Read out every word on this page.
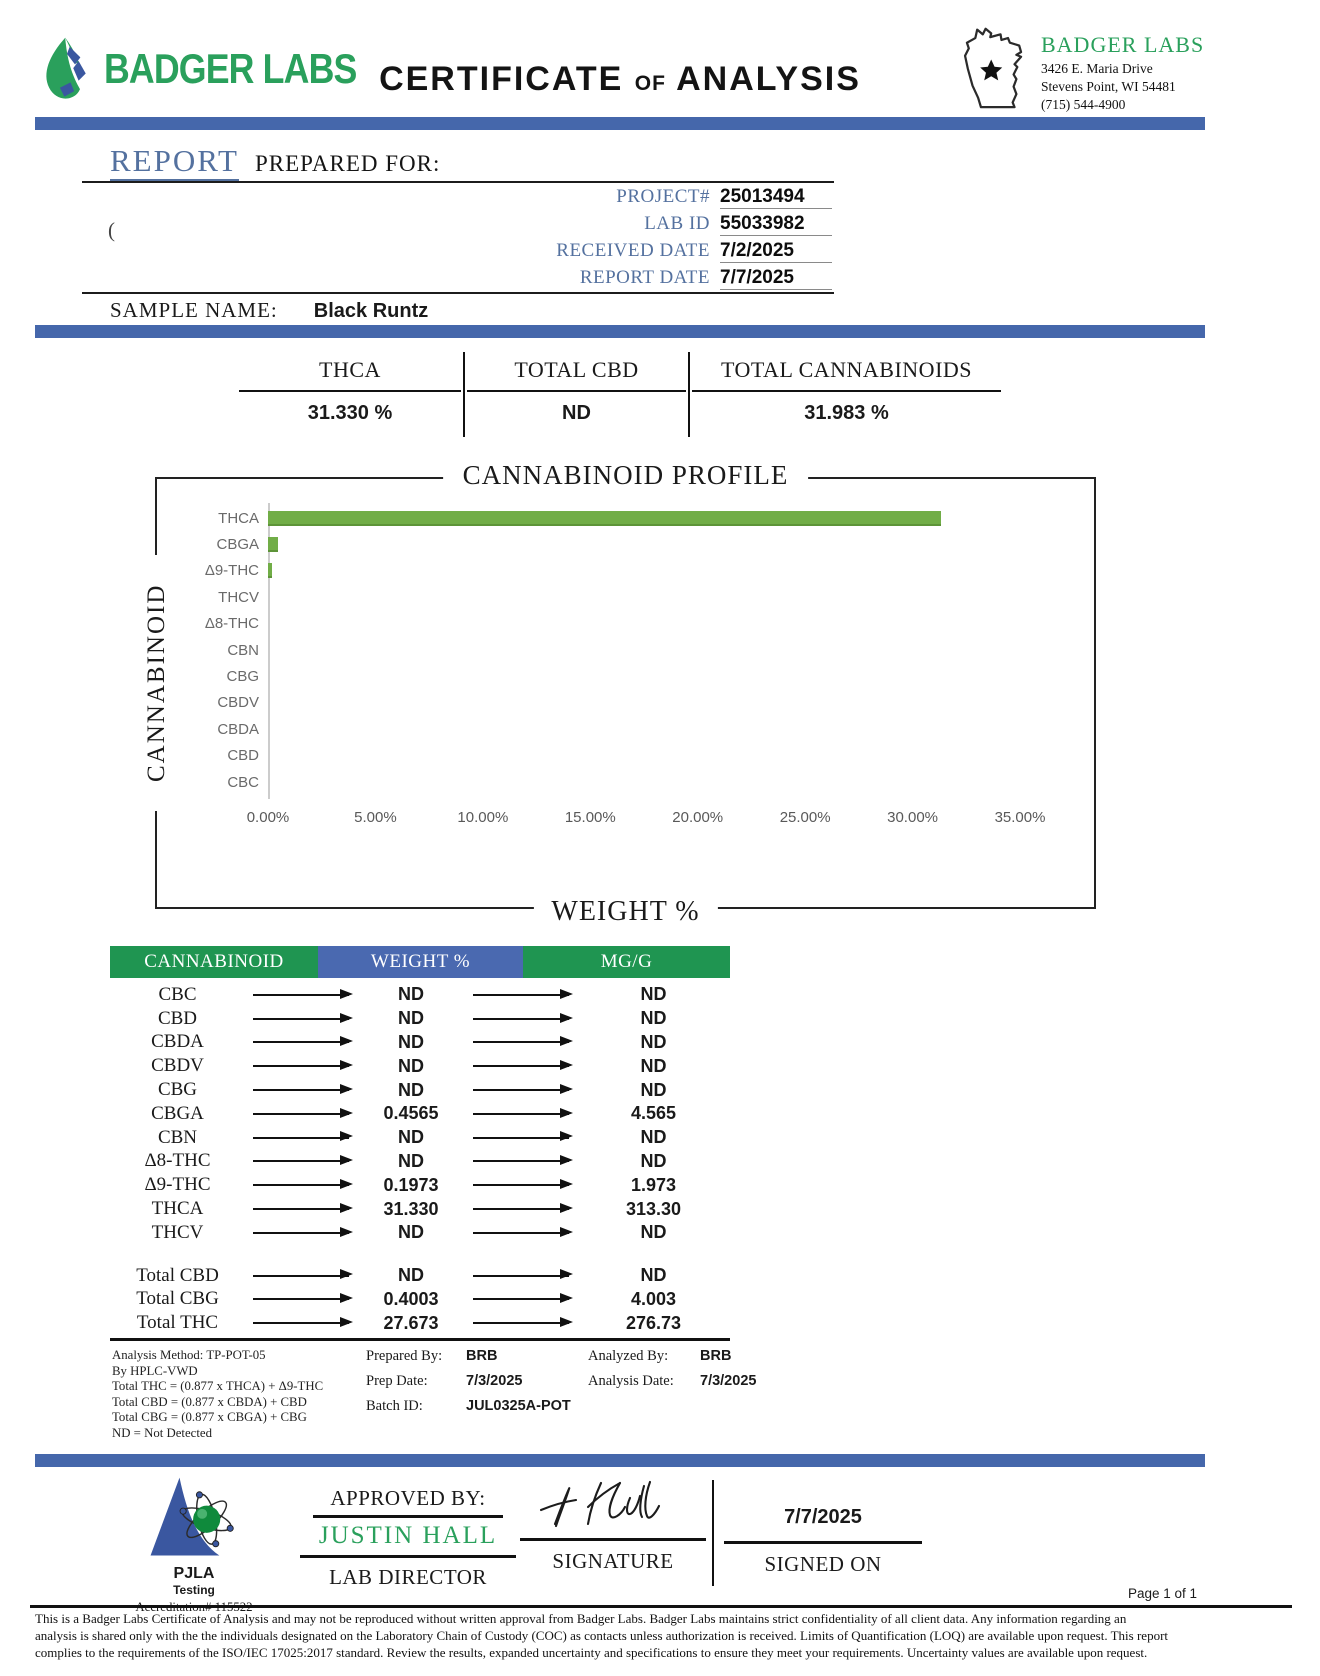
BADGER LABS CERTIFICATE of ANALYSIS
BADGER LABS
3426 E. Maria Drive
Stevens Point, WI 54481
(715) 544-4900
REPORT PREPARED FOR:
(
PROJECT# 25013494
LAB ID 55033982
RECEIVED DATE 7/2/2025
REPORT DATE 7/7/2025
SAMPLE NAME: Black Runtz
THCA
31.330 %
TOTAL CBD
ND
TOTAL CANNABINOIDS
31.983 %
CANNABINOID PROFILE
CANNABINOID
THCA
CBGA
Δ9-THC
THCV
Δ8-THC
CBN
CBG
CBDV
CBDA
CBD
CBC
0.00%	5.00%	10.00%	15.00%	20.00%	25.00%	30.00%	35.00%
WEIGHT %
CANNABINOID	WEIGHT %	MG/G
CBC	ND	ND
CBD	ND	ND
CBDA	ND	ND
CBDV	ND	ND
CBG	ND	ND
CBGA	0.4565	4.565
CBN	ND	ND
Δ8-THC	ND	ND
Δ9-THC	0.1973	1.973
THCA	31.330	313.30
THCV	ND	ND
Total CBD	ND	ND
Total CBG	0.4003	4.003
Total THC	27.673	276.73
Analysis Method: TP-POT-05
By HPLC-VWD
Total THC = (0.877 x THCA) + Δ9-THC
Total CBD = (0.877 x CBDA) + CBD
Total CBG = (0.877 x CBGA) + CBG
ND = Not Detected
Prepared By:	BRB
Prep Date:	7/3/2025
Batch ID:	JUL0325A-POT
Analyzed By:	BRB
Analysis Date:	7/3/2025
PJLA
Testing
APPROVED BY:
JUSTIN HALL
LAB DIRECTOR
SIGNATURE
7/7/2025
SIGNED ON
Page 1 of 1
This is a Badger Labs Certificate of Analysis and may not be reproduced without written approval from Badger Labs. Badger Labs maintains strict confidentiality of all client data. Any information regarding an analysis is shared only with the the individuals designated on the Laboratory Chain of Custody (COC) as contacts unless authorization is received. Limits of Quantification (LOQ) are available upon request. This report complies to the requirements of the ISO/IEC 17025:2017 standard. Review the results, expanded uncertainty and specifications to ensure they meet your requirements. Uncertainty values are available upon request.
